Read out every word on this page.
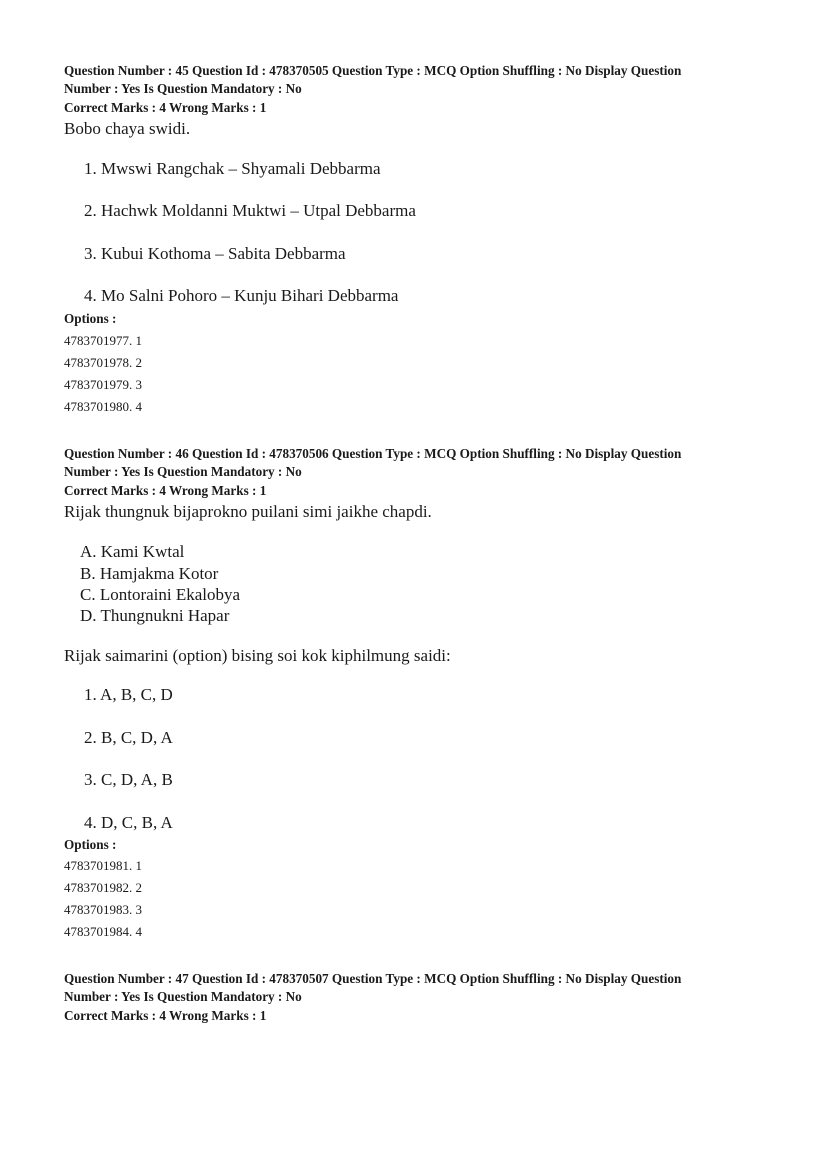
Question Number : 45 Question Id : 478370505 Question Type : MCQ Option Shuffling : No Display Question
Number : Yes Is Question Mandatory : No
Correct Marks : 4 Wrong Marks : 1
Bobo chaya swidi.
1. Mwswi Rangchak – Shyamali Debbarma
2. Hachwk Moldanni Muktwi – Utpal Debbarma
3. Kubui Kothoma – Sabita Debbarma
4. Mo Salni Pohoro – Kunju Bihari Debbarma
Options :
4783701977. 1
4783701978. 2
4783701979. 3
4783701980. 4
Question Number : 46 Question Id : 478370506 Question Type : MCQ Option Shuffling : No Display Question
Number : Yes Is Question Mandatory : No
Correct Marks : 4 Wrong Marks : 1
Rijak thungnuk bijaprokno puilani simi jaikhe chapdi.
A. Kami Kwtal
B. Hamjakma Kotor
C. Lontoraini Ekalobya
D. Thungnukni Hapar
Rijak saimarini (option) bising soi kok kiphilmung saidi:
1. A, B, C, D
2. B, C, D, A
3. C, D, A, B
4. D, C, B, A
Options :
4783701981. 1
4783701982. 2
4783701983. 3
4783701984. 4
Question Number : 47 Question Id : 478370507 Question Type : MCQ Option Shuffling : No Display Question
Number : Yes Is Question Mandatory : No
Correct Marks : 4 Wrong Marks : 1
